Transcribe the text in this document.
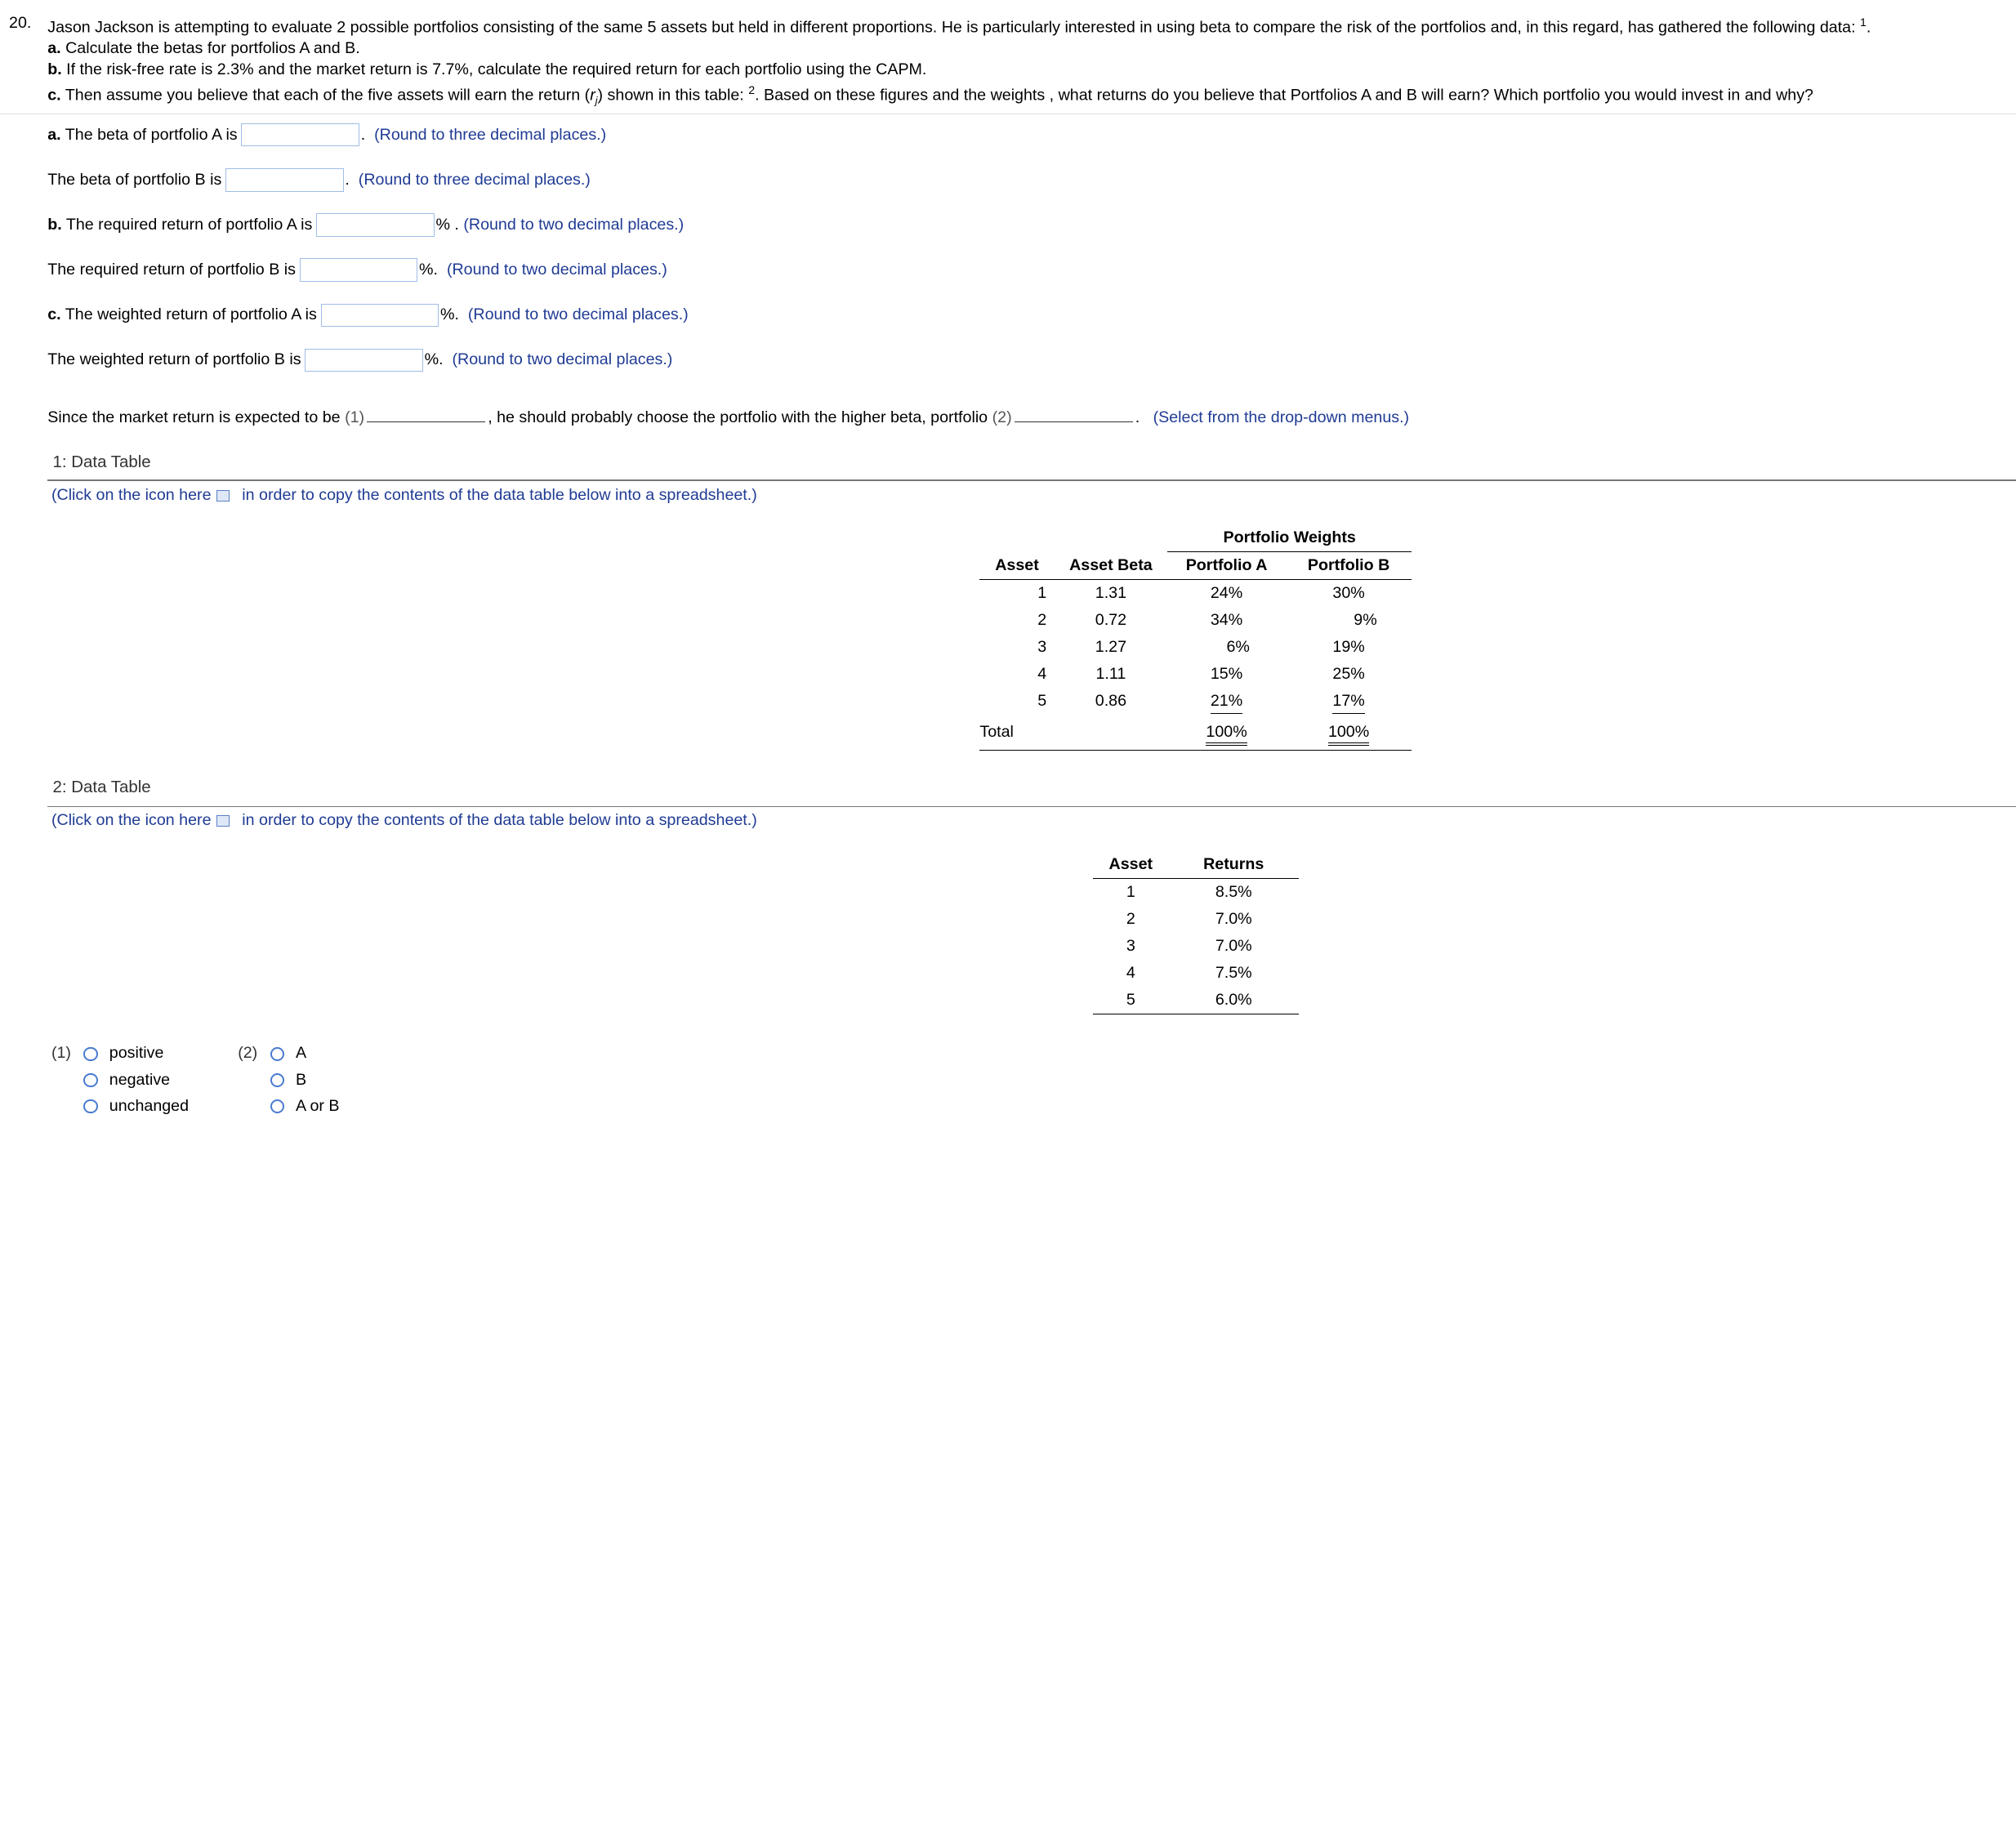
20. Jason Jackson is attempting to evaluate 2 possible portfolios consisting of the same 5 assets but held in different proportions. He is particularly interested in using beta to compare the risk of the portfolios and, in this regard, has gathered the following data: $^1$.
a. Calculate the betas for portfolios A and B.
b. If the risk-free rate is 2.3% and the market return is 7.7%, calculate the required return for each portfolio using the CAPM.
c. Then assume you believe that each of the five assets will earn the return $(r_j)$ shown in this table: $^2$. Based on these figures and the weights , what returns do you believe that Portfolios A and B will earn? Which portfolio you would invest in and why?
a. The beta of portfolio A is	. (Round to three decimal places.)
The beta of portfolio B is	. (Round to three decimal places.)
b. The required return of portfolio A is	% . (Round to two decimal places.)
The required return of portfolio B is	%. (Round to two decimal places.)
c. The weighted return of portfolio A is	%. (Round to two decimal places.)
The weighted return of portfolio B is	%. (Round to two decimal places.)
Since the market return is expected to be (1)	, he should probably choose the portfolio with the higher beta, portfolio (2)	. (Select from the drop-down menus.)
1: Data Table
(Click on the icon here	in order to copy the contents of the data table below into a spreadsheet.)
		Portfolio Weights	
Asset	Asset Beta	Portfolio A	Portfolio B
1	1.31	24%	30%
2	0.72	34%	9%
3	1.27	6%	19%
4	1.11	15%	25%
5	0.86	21%	17%
Total		100%	100%
2: Data Table
(Click on the icon here	in order to copy the contents of the data table below into a spreadsheet.)
Asset	Returns
1	8.5%
2	7.0%
3	7.0%
4	7.5%
5	6.0%
(1)	positive
negative
unchanged
(2)	A
B
A or B
